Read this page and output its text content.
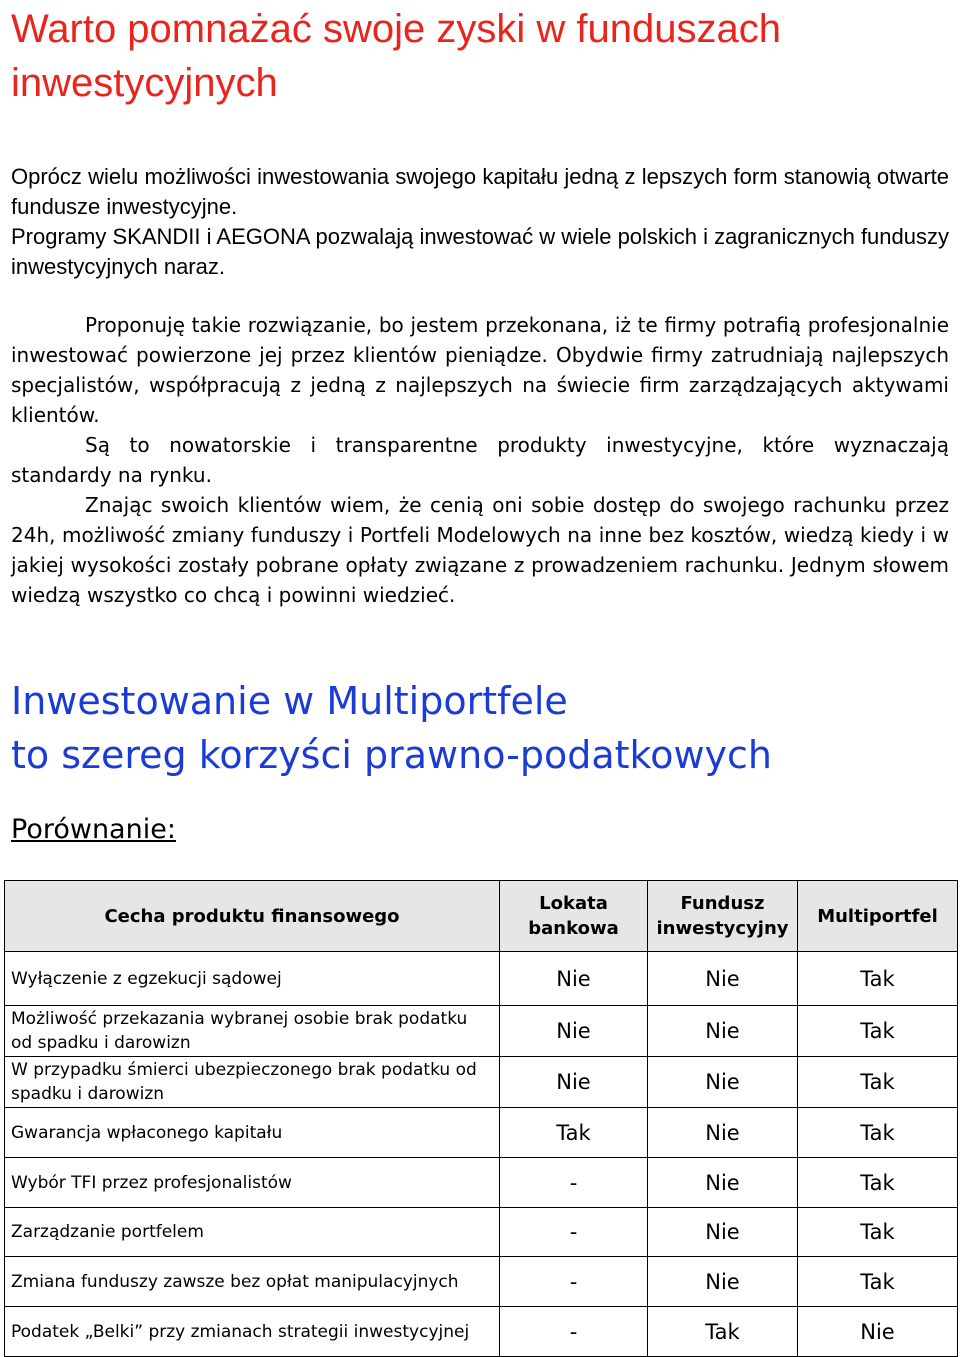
Warto pomnażać swoje zyski w funduszach inwestycyjnych

Oprócz wielu możliwości inwestowania swojego kapitału jedną z lepszych form stanowią otwarte fundusze inwestycyjne.

Programy SKANDII i AEGONA pozwalają inwestować w wiele polskich i zagranicznych funduszy inwestycyjnych naraz.

Proponuję takie rozwiązanie, bo jestem przekonana, iż te firmy potrafią profesjonalnie inwestować powierzone jej przez klientów pieniądze. Obydwie firmy zatrudniają najlepszych specjalistów, współpracują z jedną z najlepszych na świecie firm zarządzających aktywami klientów.

Są to nowatorskie i transparentne produkty inwestycyjne, które wyznaczają standardy na rynku.

Znając swoich klientów wiem, że cenią oni sobie dostęp do swojego rachunku przez 24h, możliwość zmiany funduszy i Portfeli Modelowych na inne bez kosztów, wiedzą kiedy i w jakiej wysokości zostały pobrane opłaty związane z prowadzeniem rachunku. Jednym słowem wiedzą wszystko co chcą i powinni wiedzieć.

Inwestowanie w Multiportfele
to szereg korzyści prawno-podatkowych
Porównanie:
Cecha produktu finansowego	Lokata bankowa	Fundusz inwestycyjny	Multiportfel
Wyłączenie z egzekucji sądowej	Nie	Nie	Tak
Możliwość przekazania wybranej osobie brak podatku od spadku i darowizn	Nie	Nie	Tak
W przypadku śmierci ubezpieczonego brak podatku od spadku i darowizn	Nie	Nie	Tak
Gwarancja wpłaconego kapitału	Tak	Nie	Tak
Wybór TFI przez profesjonalistów	-	Nie	Tak
Zarządzanie portfelem	-	Nie	Tak
Zmiana funduszy zawsze bez opłat manipulacyjnych	-	Nie	Tak
Podatek „Belki” przy zmianach strategii inwestycyjnej	-	Tak	Nie
